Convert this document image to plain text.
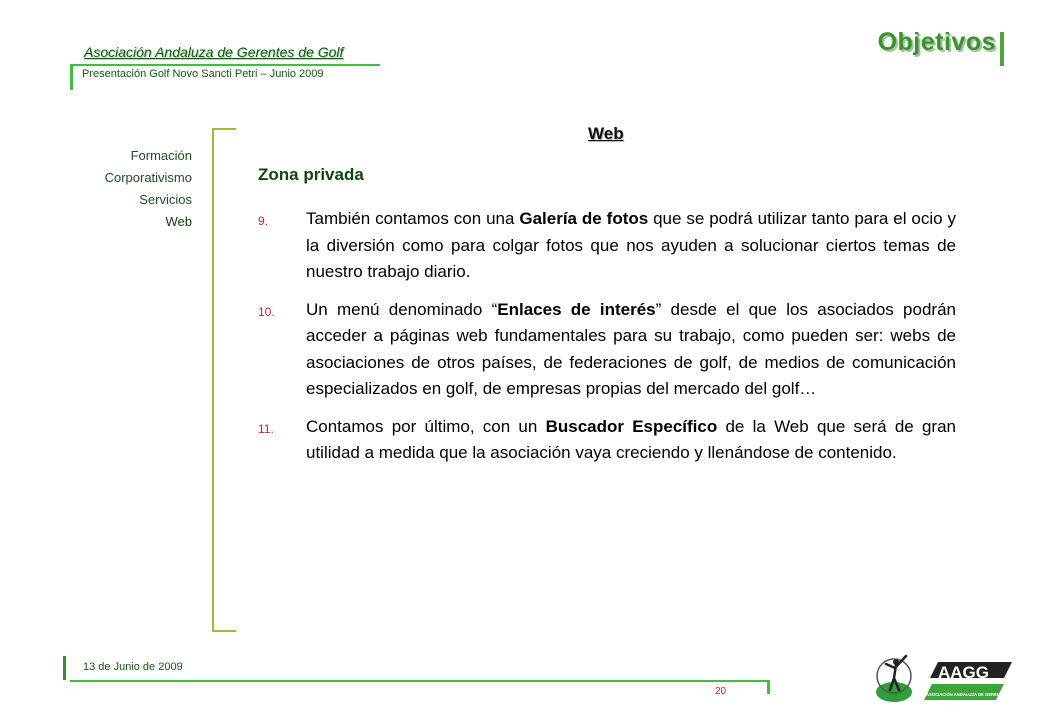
Asociación Andaluza de Gerentes de Golf
Presentación Golf Novo Sancti Petri – Junio 2009
Objetivos
Formación
Corporativismo
Servicios
Web
Web
Zona privada
9. También contamos con una Galería de fotos que se podrá utilizar tanto para el ocio y la diversión como para colgar fotos que nos ayuden a solucionar ciertos temas de nuestro trabajo diario.
10. Un menú denominado “Enlaces de interés” desde el que los asociados podrán acceder a páginas web fundamentales para su trabajo, como pueden ser: webs de asociaciones de otros países, de federaciones de golf, de medios de comunicación especializados en golf, de empresas propias del mercado del golf…
11. Contamos por último, con un Buscador Específico de la Web que será de gran utilidad a medida que la asociación vaya creciendo y llenándose de contenido.
13 de Junio de 2009
20
AAGG
ASOCIACIÓN ANDALUZA DE GERENTES DE GOLF
